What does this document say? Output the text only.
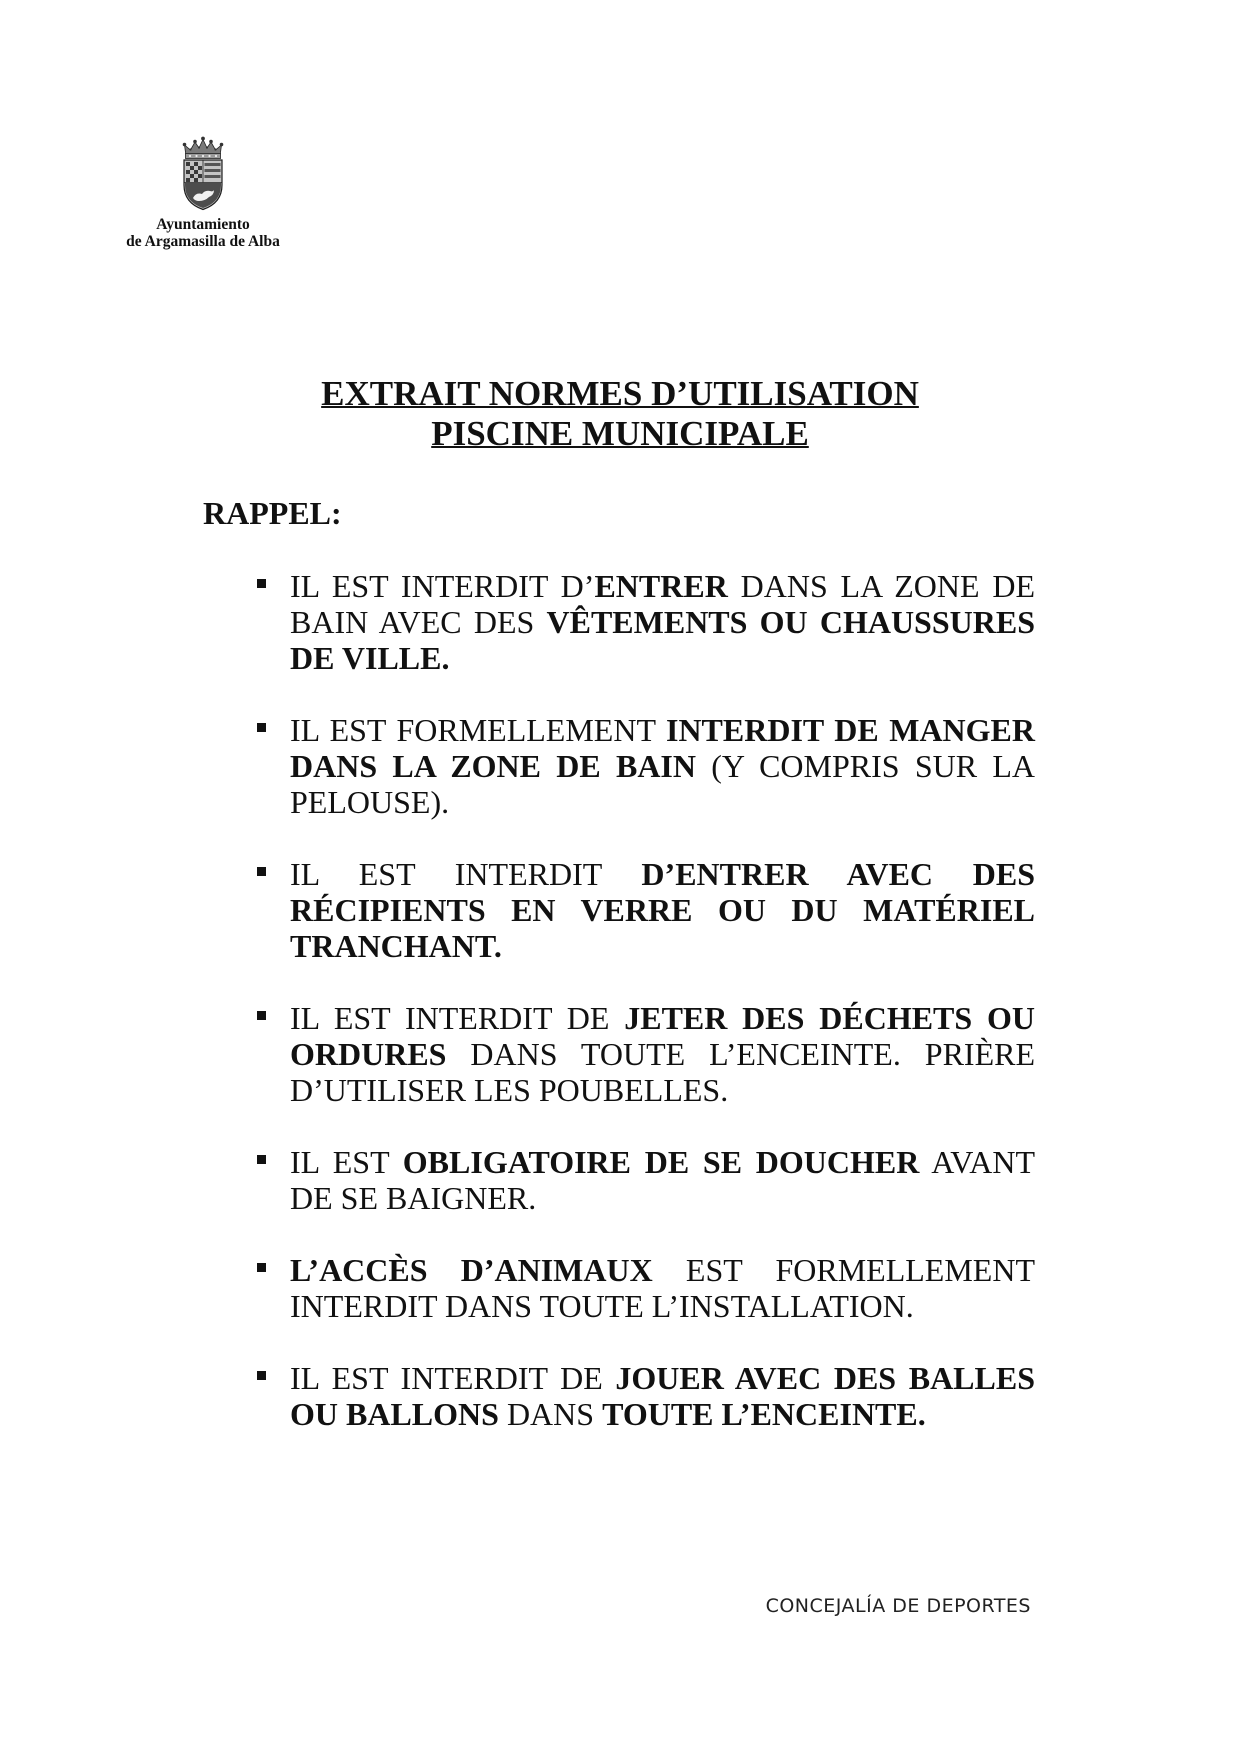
Ayuntamiento
de Argamasilla de Alba
EXTRAIT NORMES D’UTILISATION
PISCINE MUNICIPALE
RAPPEL:
IL EST INTERDIT D’ENTRER DANS LA ZONE DE
BAIN AVEC DES VÊTEMENTS OU CHAUSSURES
DE VILLE.
IL EST FORMELLEMENT INTERDIT DE MANGER
DANS LA ZONE DE BAIN (Y COMPRIS SUR LA
PELOUSE).
IL EST INTERDIT D’ENTRER AVEC DES
RÉCIPIENTS EN VERRE OU DU MATÉRIEL
TRANCHANT.
IL EST INTERDIT DE JETER DES DÉCHETS OU
ORDURES DANS TOUTE L’ENCEINTE. PRIÈRE
D’UTILISER LES POUBELLES.
IL EST OBLIGATOIRE DE SE DOUCHER AVANT
DE SE BAIGNER.
L’ACCÈS D’ANIMAUX EST FORMELLEMENT
INTERDIT DANS TOUTE L’INSTALLATION.
IL EST INTERDIT DE JOUER AVEC DES BALLES
OU BALLONS DANS TOUTE L’ENCEINTE.
CONCEJALÍA DE DEPORTES
